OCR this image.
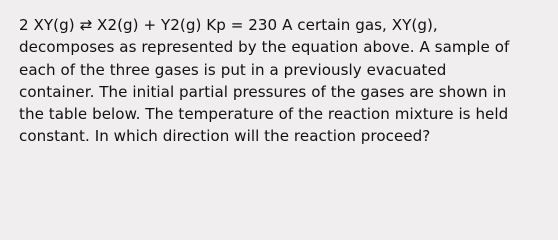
2 XY(g) ⇄ X2(g) + Y2(g) Kp = 230 A certain gas, XY(g),
decomposes as represented by the equation above. A sample of
each of the three gases is put in a previously evacuated
container. The initial partial pressures of the gases are shown in
the table below. The temperature of the reaction mixture is held
constant. In which direction will the reaction proceed?
